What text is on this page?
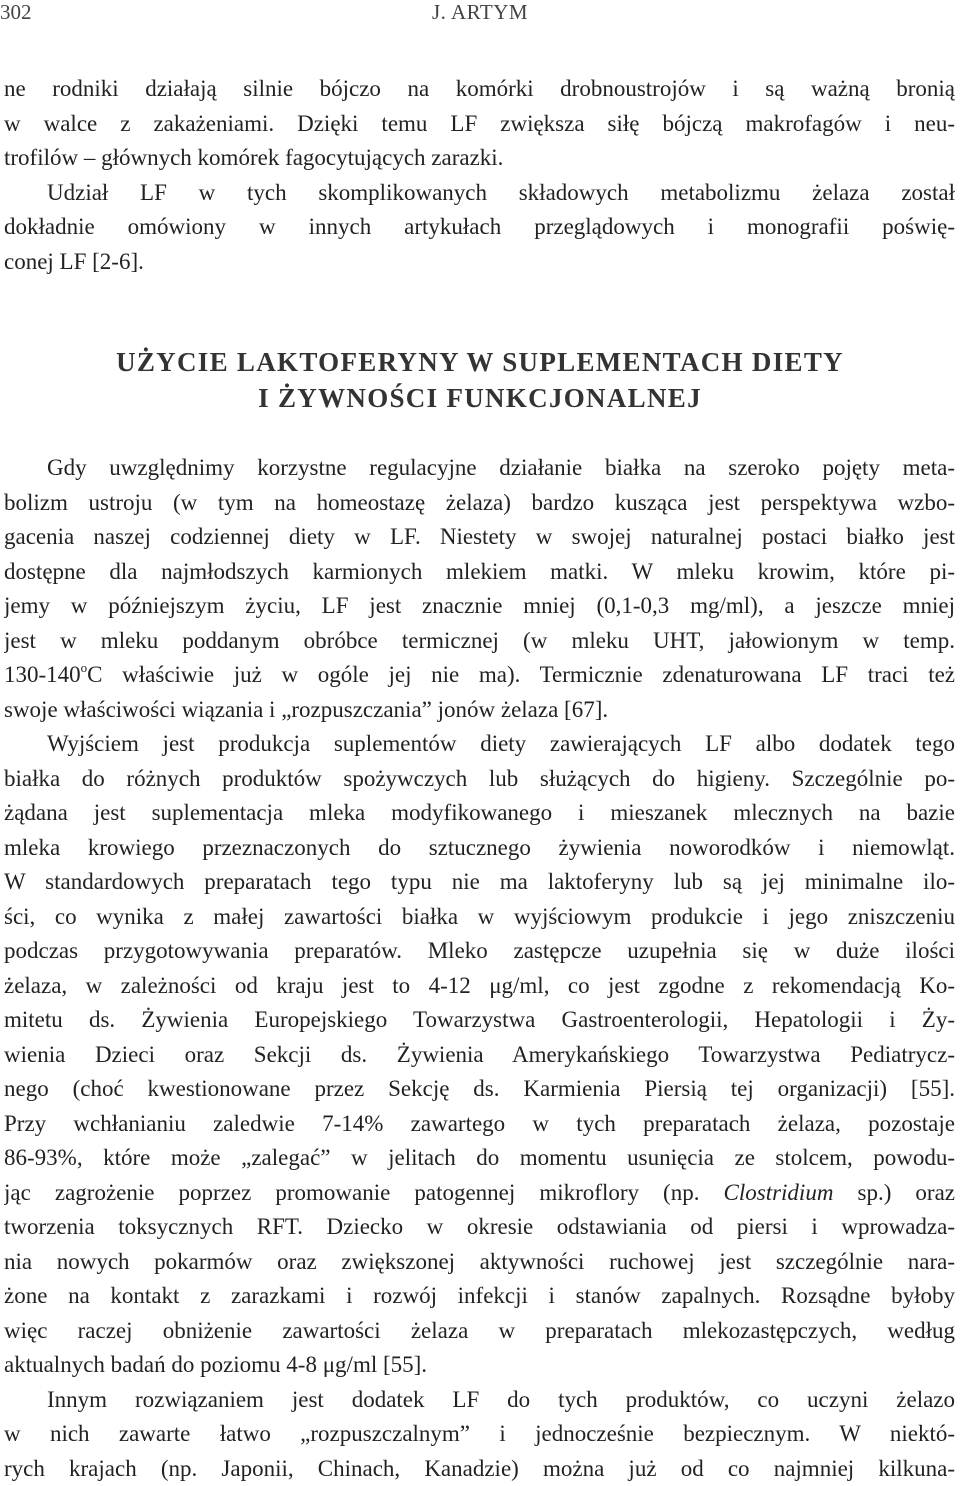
302	J. ARTYM
ne rodniki działają silnie bójczo na komórki drobnoustrojów i są ważną bronią
w walce z zakażeniami. Dzięki temu LF zwiększa siłę bójczą makrofagów i neu-
trofilów – głównych komórek fagocytujących zarazki.
Udział LF w tych skomplikowanych składowych metabolizmu żelaza został
dokładnie omówiony w innych artykułach przeglądowych i monografii poświę-
conej LF [2-6].
UŻYCIE LAKTOFERYNY W SUPLEMENTACH DIETY
I ŻYWNOŚCI FUNKCJONALNEJ
Gdy uwzględnimy korzystne regulacyjne działanie białka na szeroko pojęty meta-
bolizm ustroju (w tym na homeostazę żelaza) bardzo kusząca jest perspektywa wzbo-
gacenia naszej codziennej diety w LF. Niestety w swojej naturalnej postaci białko jest
dostępne dla najmłodszych karmionych mlekiem matki. W mleku krowim, które pi-
jemy w późniejszym życiu, LF jest znacznie mniej (0,1-0,3 mg/ml), a jeszcze mniej
jest w mleku poddanym obróbce termicznej (w mleku UHT, jałowionym w temp.
130-140$^o$C właściwie już w ogóle jej nie ma). Termicznie zdenaturowana LF traci też
swoje właściwości wiązania i „rozpuszczania” jonów żelaza [67].
Wyjściem jest produkcja suplementów diety zawierających LF albo dodatek tego
białka do różnych produktów spożywczych lub służących do higieny. Szczególnie po-
żądana jest suplementacja mleka modyfikowanego i mieszanek mlecznych na bazie
mleka krowiego przeznaczonych do sztucznego żywienia noworodków i niemowląt.
W standardowych preparatach tego typu nie ma laktoferyny lub są jej minimalne ilo-
ści, co wynika z małej zawartości białka w wyjściowym produkcie i jego zniszczeniu
podczas przygotowywania preparatów. Mleko zastępcze uzupełnia się w duże ilości
żelaza, w zależności od kraju jest to 4-12 μg/ml, co jest zgodne z rekomendacją Ko-
mitetu ds. Żywienia Europejskiego Towarzystwa Gastroenterologii, Hepatologii i Ży-
wienia Dzieci oraz Sekcji ds. Żywienia Amerykańskiego Towarzystwa Pediatrycz-
nego (choć kwestionowane przez Sekcję ds. Karmienia Piersią tej organizacji) [55].
Przy wchłanianiu zaledwie 7-14% zawartego w tych preparatach żelaza, pozostaje
86-93%, które może „zalegać” w jelitach do momentu usunięcia ze stolcem, powodu-
jąc zagrożenie poprzez promowanie patogennej mikroflory (np. Clostridium sp.) oraz
tworzenia toksycznych RFT. Dziecko w okresie odstawiania od piersi i wprowadza-
nia nowych pokarmów oraz zwiększonej aktywności ruchowej jest szczególnie nara-
żone na kontakt z zarazkami i rozwój infekcji i stanów zapalnych. Rozsądne byłoby
więc raczej obniżenie zawartości żelaza w preparatach mlekozastępczych, według
aktualnych badań do poziomu 4-8 μg/ml [55].
Innym rozwiązaniem jest dodatek LF do tych produktów, co uczyni żelazo
w nich zawarte łatwo „rozpuszczalnym” i jednocześnie bezpiecznym. W niektó-
rych krajach (np. Japonii, Chinach, Kanadzie) można już od co najmniej kilkuna-
